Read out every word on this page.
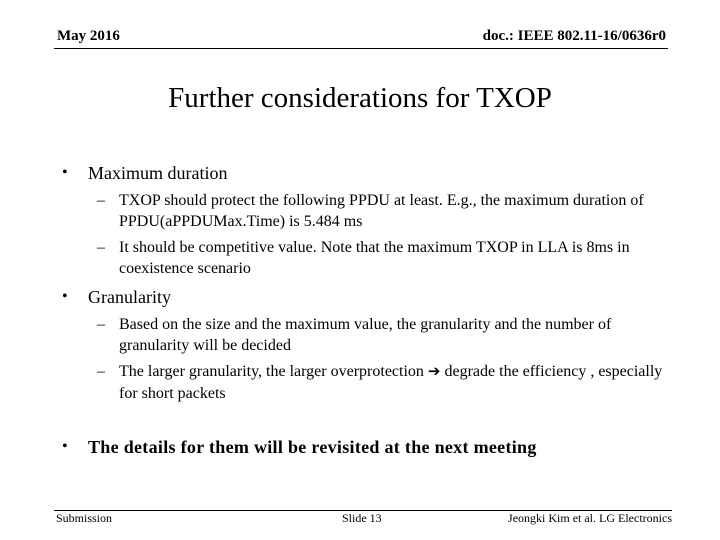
May 2016	doc.: IEEE 802.11-16/0636r0
Further considerations for TXOP
• Maximum duration
– TXOP should protect the following PPDU at least. E.g., the maximum duration of PPDU(aPPDUMax.Time) is 5.484 ms
– It should be competitive value. Note that the maximum TXOP in LLA is 8ms in coexistence scenario
• Granularity
– Based on the size and the maximum value, the granularity and the number of granularity will be decided
– The larger granularity, the larger overprotection ➔ degrade the efficiency , especially for short packets
• The details for them will be revisited at the next meeting
Submission	Slide 13	Jeongki Kim et al. LG Electronics
